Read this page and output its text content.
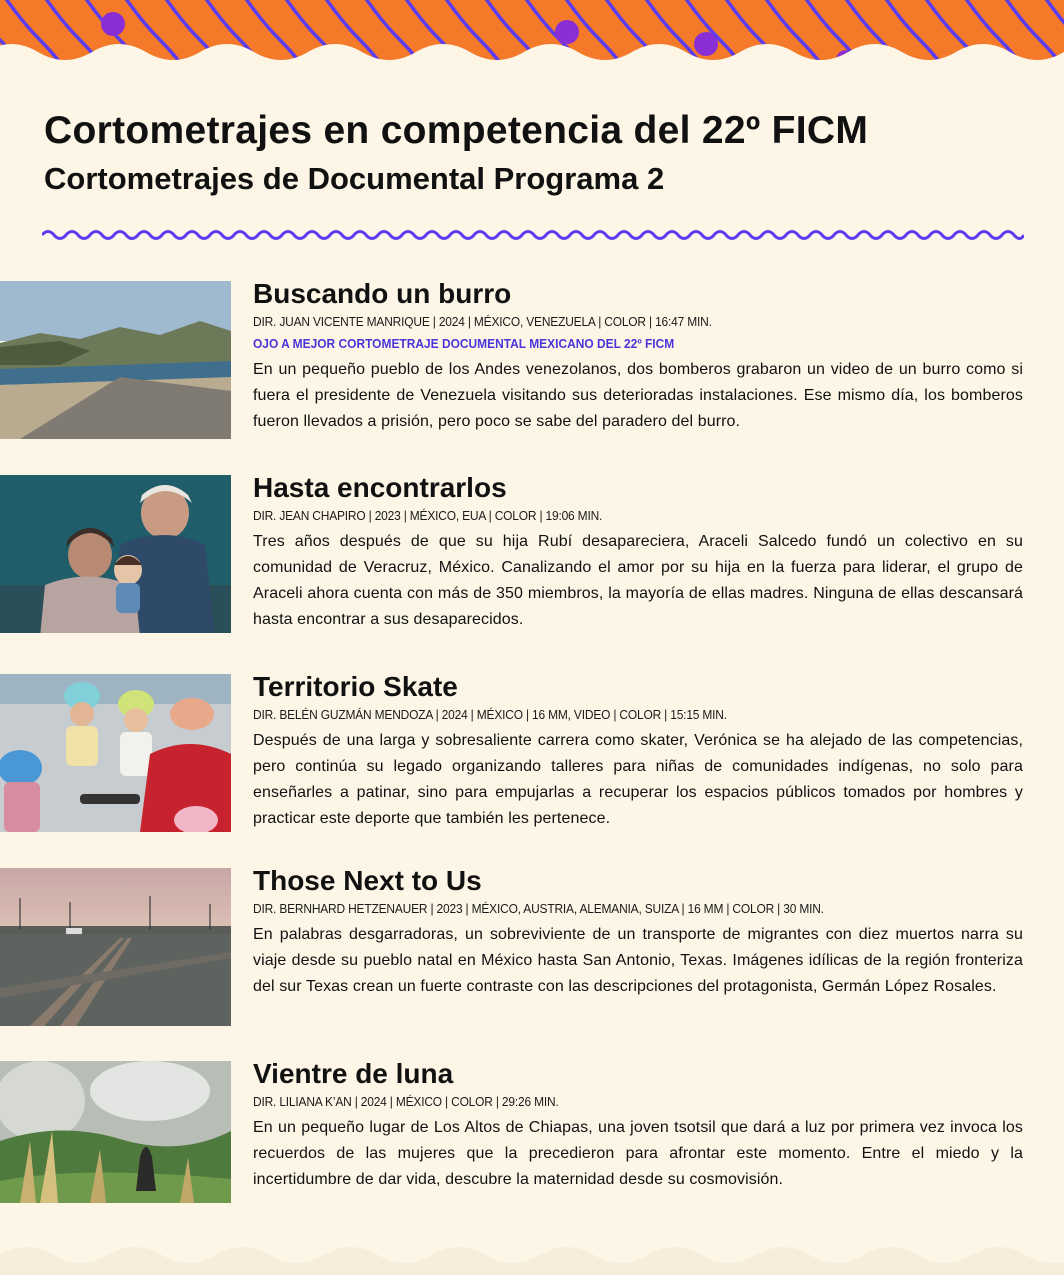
Cortometrajes en competencia del 22º FICM
Cortometrajes de Documental Programa 2
Buscando un burro

DIR. JUAN VICENTE MANRIQUE | 2024 | MÉXICO, VENEZUELA | COLOR | 16:47 MIN.

OJO A MEJOR CORTOMETRAJE DOCUMENTAL MEXICANO DEL 22º FICM

En un pequeño pueblo de los Andes venezolanos, dos bomberos grabaron un video de un burro como si fuera el presidente de Venezuela visitando sus deterioradas instalaciones. Ese mismo día, los bomberos fueron llevados a prisión, pero poco se sabe del paradero del burro.

Hasta encontrarlos

DIR. JEAN CHAPIRO | 2023 | MÉXICO, EUA | COLOR | 19:06 MIN.

Tres años después de que su hija Rubí desapareciera, Araceli Salcedo fundó un colectivo en su comunidad de Veracruz, México. Canalizando el amor por su hija en la fuerza para liderar, el grupo de Araceli ahora cuenta con más de 350 miembros, la mayoría de ellas madres. Ninguna de ellas descansará hasta encontrar a sus desaparecidos.

Territorio Skate

DIR. BELÉN GUZMÁN MENDOZA | 2024 | MÉXICO | 16 MM, VIDEO | COLOR | 15:15 MIN.

Después de una larga y sobresaliente carrera como skater, Verónica se ha alejado de las competencias, pero continúa su legado organizando talleres para niñas de comunidades indígenas, no solo para enseñarles a patinar, sino para empujarlas a recuperar los espacios públicos tomados por hombres y practicar este deporte que también les pertenece.

Those Next to Us

DIR. BERNHARD HETZENAUER | 2023 | MÉXICO, AUSTRIA, ALEMANIA, SUIZA | 16 MM | COLOR | 30 MIN.

En palabras desgarradoras, un sobreviviente de un transporte de migrantes con diez muertos narra su viaje desde su pueblo natal en México hasta San Antonio, Texas. Imágenes idílicas de la región fronteriza del sur Texas crean un fuerte contraste con las descripciones del protagonista, Germán López Rosales.

Vientre de luna

DIR. LILIANA K’AN | 2024 | MÉXICO | COLOR | 29:26 MIN.

En un pequeño lugar de Los Altos de Chiapas, una joven tsotsil que dará a luz por primera vez invoca los recuerdos de las mujeres que la precedieron para afrontar este momento. Entre el miedo y la incertidumbre de dar vida, descubre la maternidad desde su cosmovisión.
